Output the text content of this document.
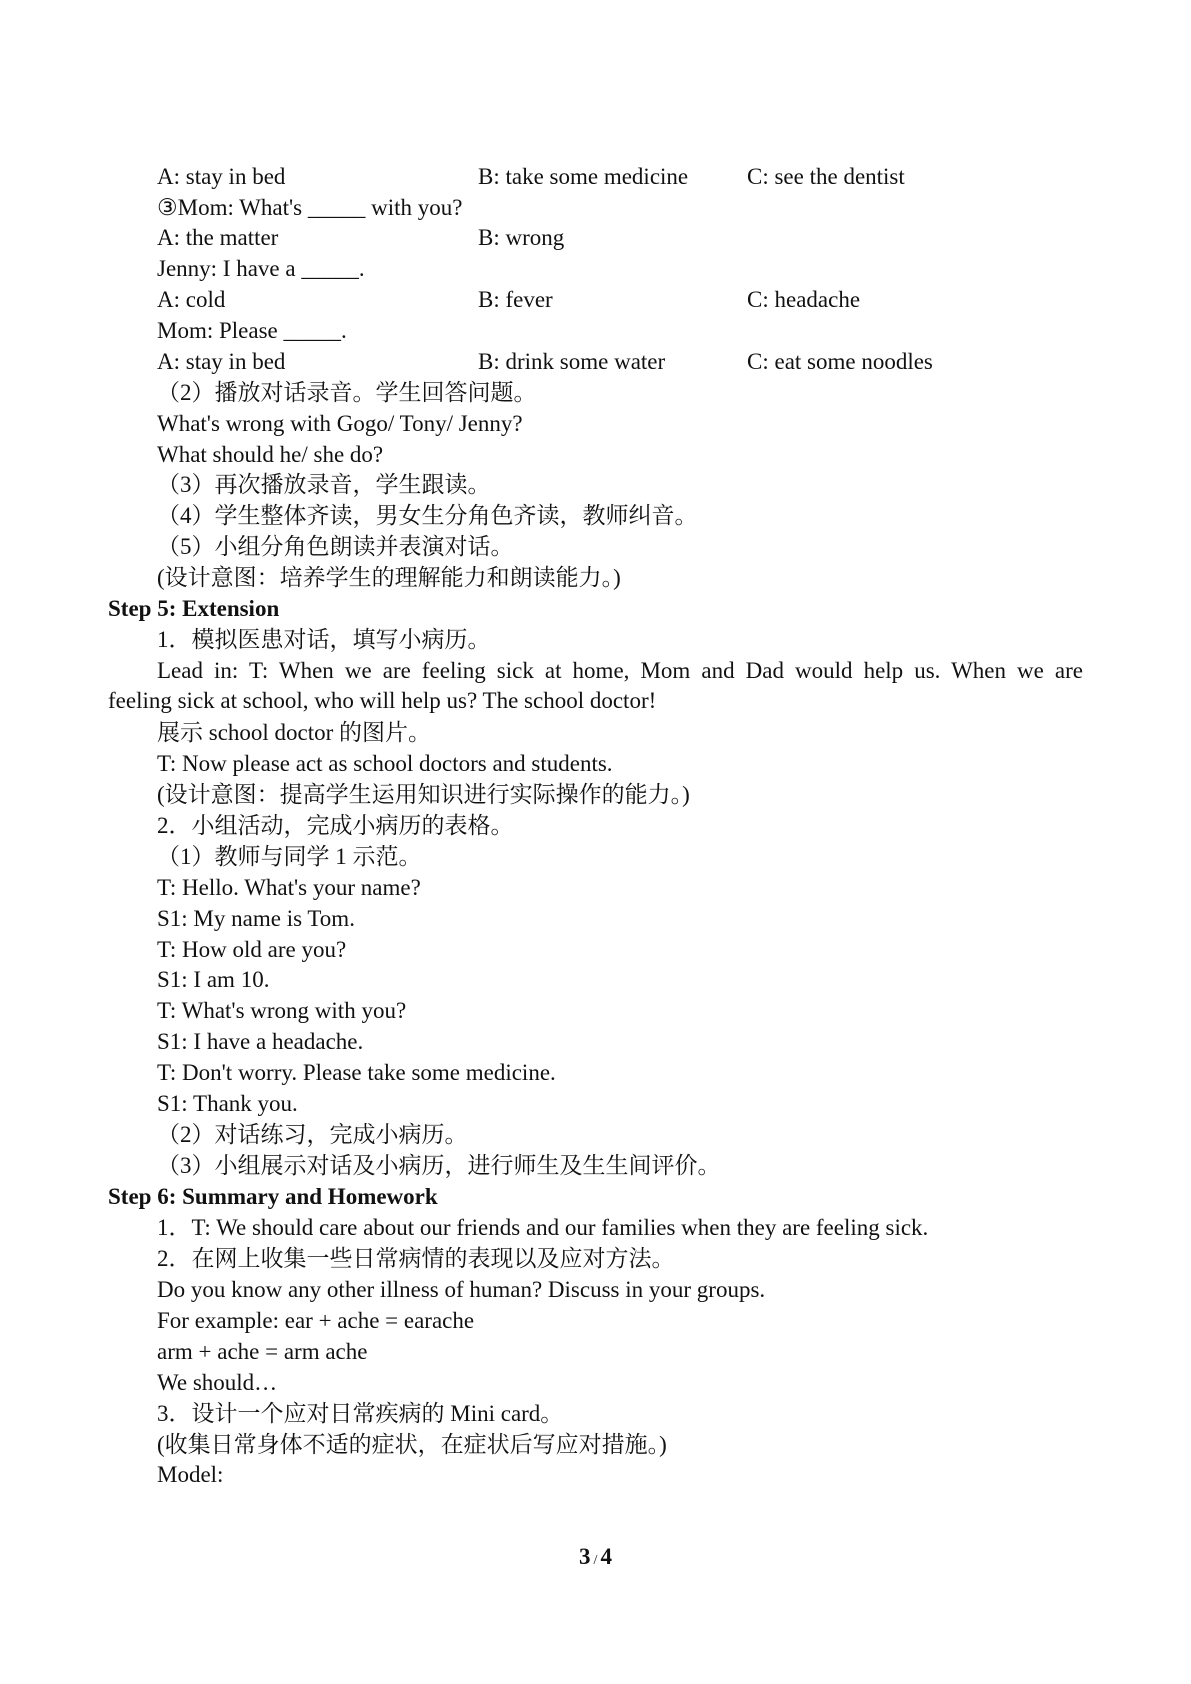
A: stay in bed	B: take some medicine	C: see the dentist
③Mom: What's _____ with you?
A: the matter	B: wrong
Jenny: I have a _____.
A: cold	B: fever	C: headache
Mom: Please _____.
A: stay in bed	B: drink some water	C: eat some noodles
（2）播放对话录音。学生回答问题。
What's wrong with Gogo/ Tony/ Jenny?
What should he/ she do?
（3）再次播放录音，学生跟读。
（4）学生整体齐读，男女生分角色齐读，教师纠音。
（5）小组分角色朗读并表演对话。
(设计意图：培养学生的理解能力和朗读能力。)
Step 5: Extension
1．模拟医患对话，填写小病历。
Lead in: T: When we are feeling sick at home, Mom and Dad would help us. When we are
feeling sick at school, who will help us? The school doctor!
展示 school doctor 的图片。
T: Now please act as school doctors and students.
(设计意图：提高学生运用知识进行实际操作的能力。)
2．小组活动，完成小病历的表格。
（1）教师与同学 1 示范。
T: Hello. What's your name?
S1: My name is Tom.
T: How old are you?
S1: I am 10.
T: What's wrong with you?
S1: I have a headache.
T: Don't worry. Please take some medicine.
S1: Thank you.
（2）对话练习，完成小病历。
（3）小组展示对话及小病历，进行师生及生生间评价。
Step 6: Summary and Homework
1．T: We should care about our friends and our families when they are feeling sick.
2．在网上收集一些日常病情的表现以及应对方法。
Do you know any other illness of human? Discuss in your groups.
For example: ear + ache = earache
arm + ache = arm ache
We should…
3．设计一个应对日常疾病的 Mini card。
(收集日常身体不适的症状，在症状后写应对措施。)
Model:
3 / 4
